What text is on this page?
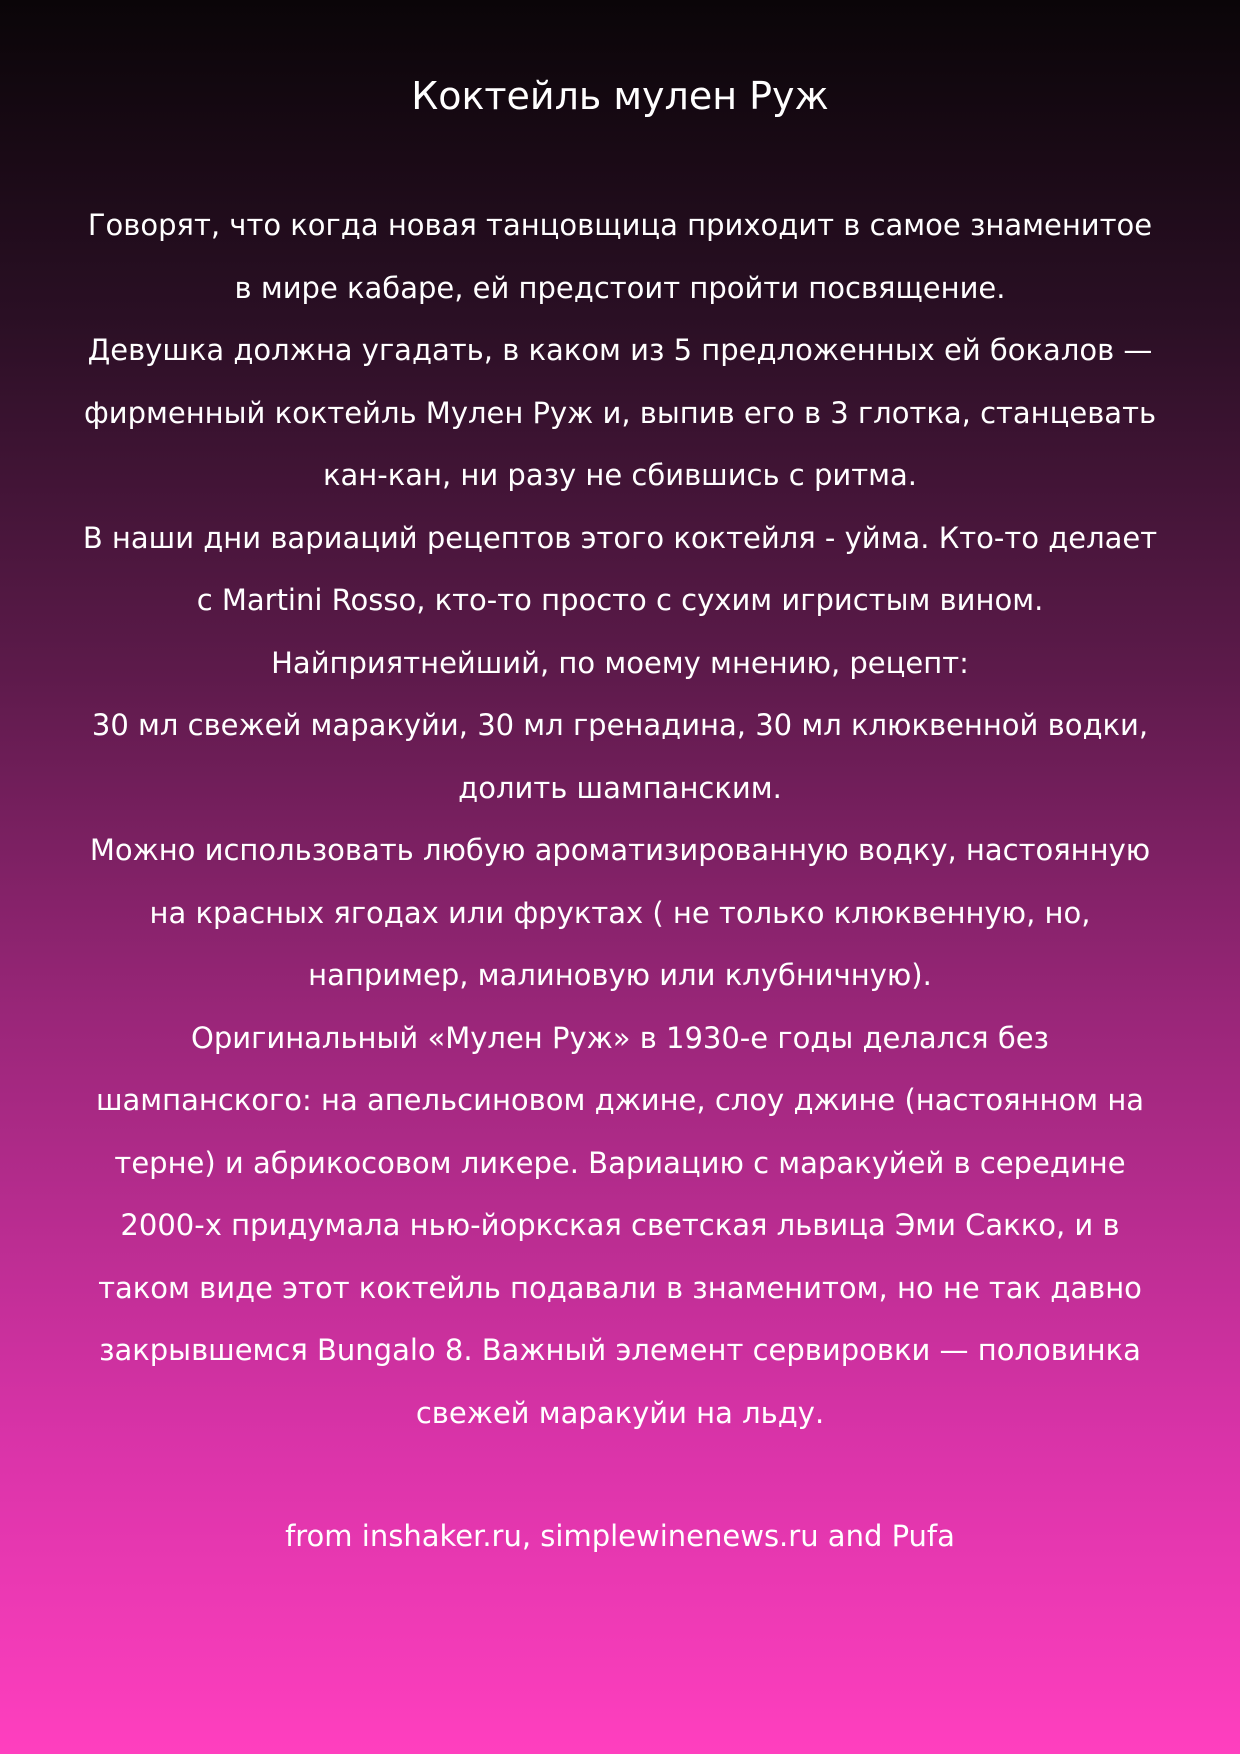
Коктейль мулен Руж
Говорят, что когда новая танцовщица приходит в самое знаменитое
в мире кабаре, ей предстоит пройти посвящение.
Девушка должна угадать, в каком из 5 предложенных ей бокалов —
фирменный коктейль Мулен Руж и, выпив его в 3 глотка, станцевать
кан-кан, ни разу не сбившись с ритма.
В наши дни вариаций рецептов этого коктейля - уйма. Кто-то делает
с Martini Rosso, кто-то просто с сухим игристым вином.
Найприятнейший, по моему мнению, рецепт:
30 мл свежей маракуйи, 30 мл гренадина, 30 мл клюквенной водки,
долить шампанским.
Можно использовать любую ароматизированную водку, настоянную
на красных ягодах или фруктах ( не только клюквенную, но,
например, малиновую или клубничную).
Оригинальный «Мулен Руж» в 1930-е годы делался без
шампанского: на апельсиновом джине, слоу джине (настоянном на
терне) и абрикосовом ликере. Вариацию с маракуйей в середине
2000-х придумала нью-йоркская светская львица Эми Сакко, и в
таком виде этот коктейль подавали в знаменитом, но не так давно
закрывшемся Bungalo 8. Важный элемент сервировки — половинка
свежей маракуйи на льду.
from inshaker.ru, simplewinenews.ru and Pufa
